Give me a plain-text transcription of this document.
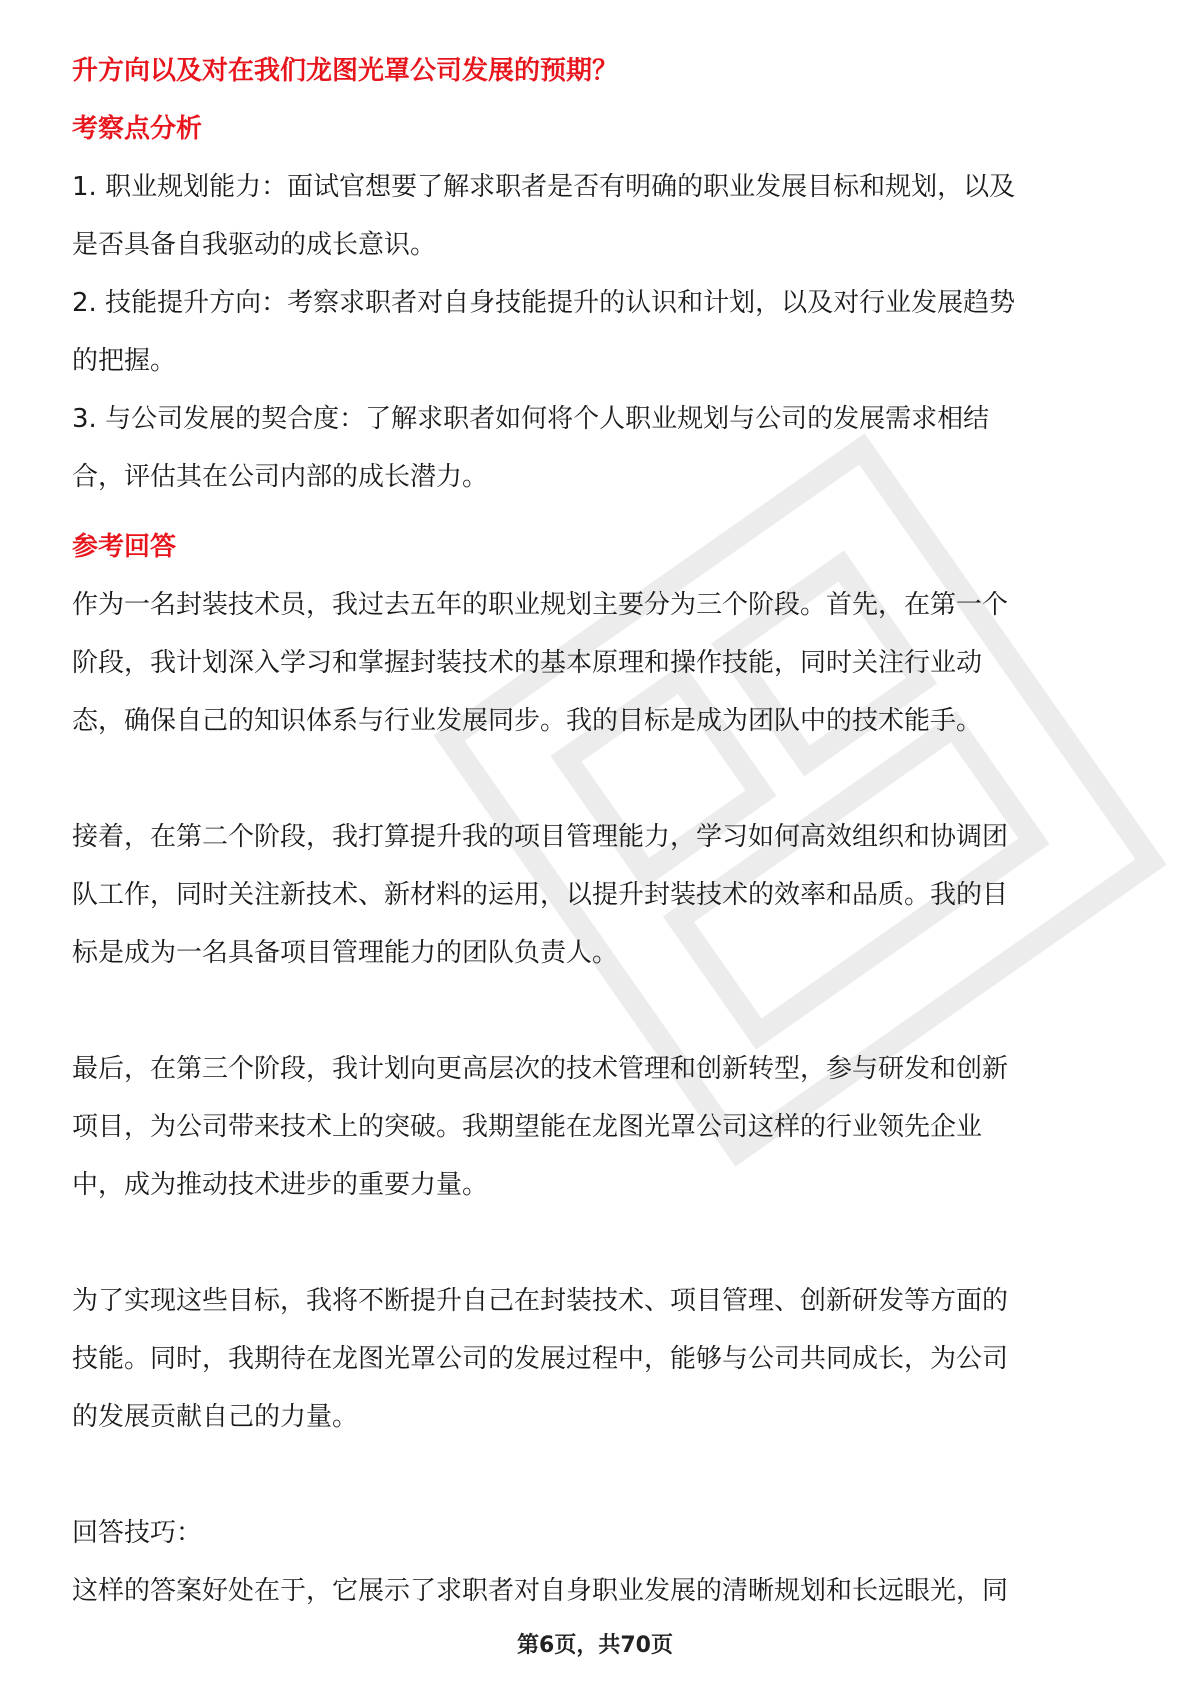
升方向以及对在我们龙图光罩公司发展的预期？
考察点分析
1. 职业规划能力：面试官想要了解求职者是否有明确的职业发展目标和规划，以及
是否具备自我驱动的成长意识。
2. 技能提升方向：考察求职者对自身技能提升的认识和计划，以及对行业发展趋势
的把握。
3. 与公司发展的契合度：了解求职者如何将个人职业规划与公司的发展需求相结
合，评估其在公司内部的成长潜力。
参考回答
作为一名封装技术员，我过去五年的职业规划主要分为三个阶段。首先，在第一个
阶段，我计划深入学习和掌握封装技术的基本原理和操作技能，同时关注行业动
态，确保自己的知识体系与行业发展同步。我的目标是成为团队中的技术能手。
接着，在第二个阶段，我打算提升我的项目管理能力，学习如何高效组织和协调团
队工作，同时关注新技术、新材料的运用，以提升封装技术的效率和品质。我的目
标是成为一名具备项目管理能力的团队负责人。
最后，在第三个阶段，我计划向更高层次的技术管理和创新转型，参与研发和创新
项目，为公司带来技术上的突破。我期望能在龙图光罩公司这样的行业领先企业
中，成为推动技术进步的重要力量。
为了实现这些目标，我将不断提升自己在封装技术、项目管理、创新研发等方面的
技能。同时，我期待在龙图光罩公司的发展过程中，能够与公司共同成长，为公司
的发展贡献自己的力量。
回答技巧：
这样的答案好处在于，它展示了求职者对自身职业发展的清晰规划和长远眼光，同
第6页，共70页
